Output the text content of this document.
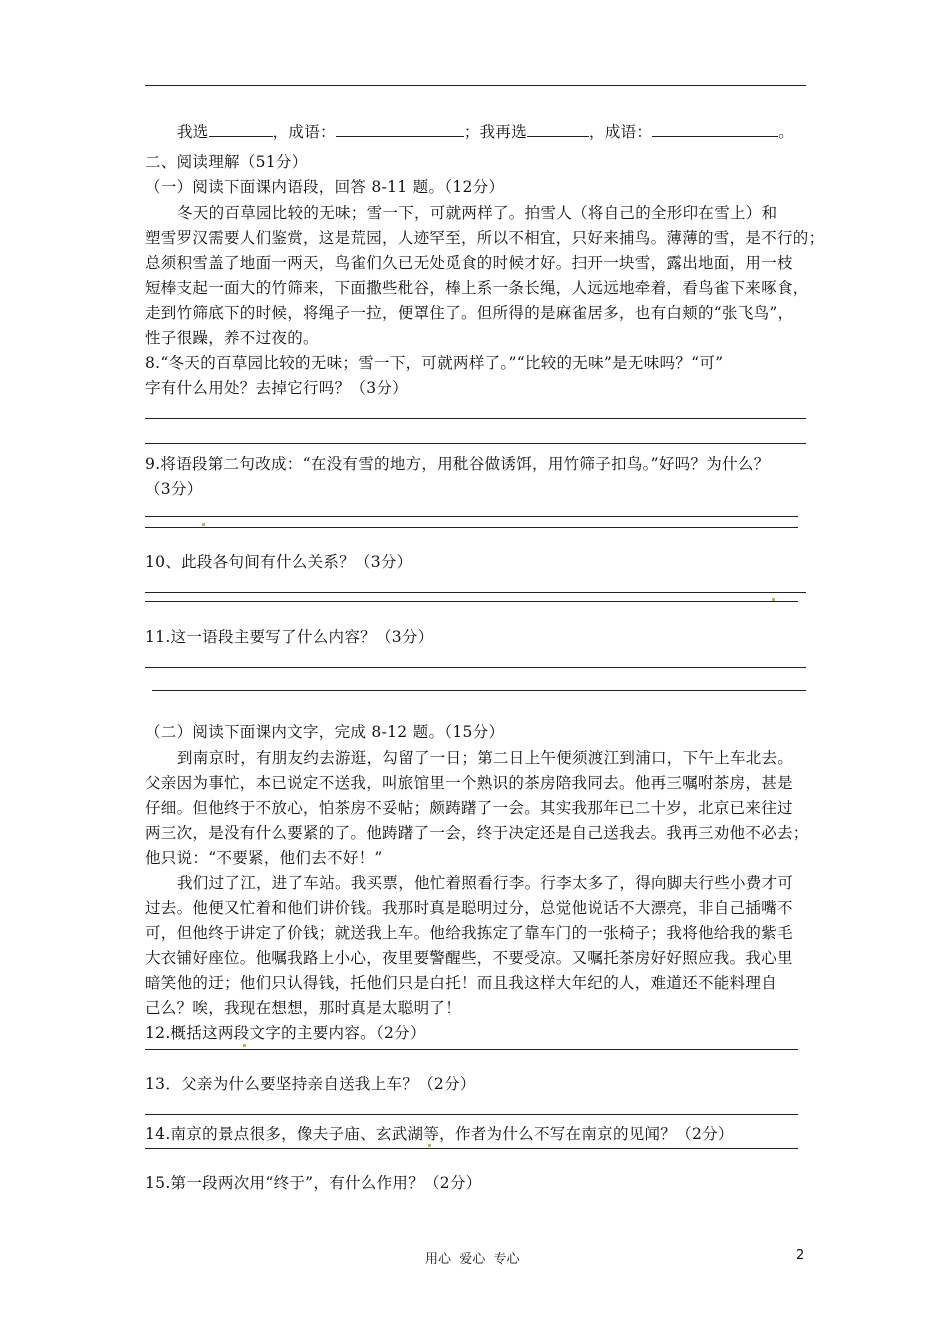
我选	，成语：	；我再选	，成语：	。
二、阅读理解（51分）
（一）阅读下面课内语段，回答 8-11 题。（12分）
冬天的百草园比较的无味；雪一下，可就两样了。拍雪人（将自己的全形印在雪上）和
塑雪罗汉需要人们鉴赏，这是荒园，人迹罕至，所以不相宜，只好来捕鸟。薄薄的雪，是不行的；
总须积雪盖了地面一两天，鸟雀们久已无处觅食的时候才好。扫开一块雪，露出地面，用一枝
短棒支起一面大的竹筛来，下面撒些秕谷，棒上系一条长绳，人远远地牵着，看鸟雀下来啄食，
走到竹筛底下的时候，将绳子一拉，便罩住了。但所得的是麻雀居多，也有白颊的“张飞鸟”，
性子很躁，养不过夜的。
8.“冬天的百草园比较的无味；雪一下，可就两样了。”“比较的无味”是无味吗？“可”
字有什么用处？去掉它行吗？（3分）
9.将语段第二句改成：“在没有雪的地方，用秕谷做诱饵，用竹筛子扣鸟。”好吗？为什么？
（3分）
10、此段各句间有什么关系？（3分）
11.这一语段主要写了什么内容？（3分）
（二）阅读下面课内文字，完成 8-12 题。（15分）
到南京时，有朋友约去游逛，勾留了一日；第二日上午便须渡江到浦口，下午上车北去。
父亲因为事忙，本已说定不送我，叫旅馆里一个熟识的茶房陪我同去。他再三嘱咐茶房，甚是
仔细。但他终于不放心，怕茶房不妥帖；颇踌躇了一会。其实我那年已二十岁，北京已来往过
两三次，是没有什么要紧的了。他踌躇了一会，终于决定还是自己送我去。我再三劝他不必去；
他只说：“不要紧，他们去不好！”
我们过了江，进了车站。我买票，他忙着照看行李。行李太多了，得向脚夫行些小费才可
过去。他便又忙着和他们讲价钱。我那时真是聪明过分，总觉他说话不大漂亮，非自己插嘴不
可，但他终于讲定了价钱；就送我上车。他给我拣定了靠车门的一张椅子；我将他给我的紫毛
大衣铺好座位。他嘱我路上小心，夜里要警醒些，不要受凉。又嘱托茶房好好照应我。我心里
暗笑他的迂；他们只认得钱，托他们只是白托！而且我这样大年纪的人，难道还不能料理自
己么？唉，我现在想想，那时真是太聪明了！
12.概括这两段文字的主要内容。（2分）
13．父亲为什么要坚持亲自送我上车？（2分）
14.南京的景点很多，像夫子庙、玄武湖等，作者为什么不写在南京的见闻？（2分）
15.第一段两次用“终于”，有什么作用？（2分）
用心  爱心  专心	2
